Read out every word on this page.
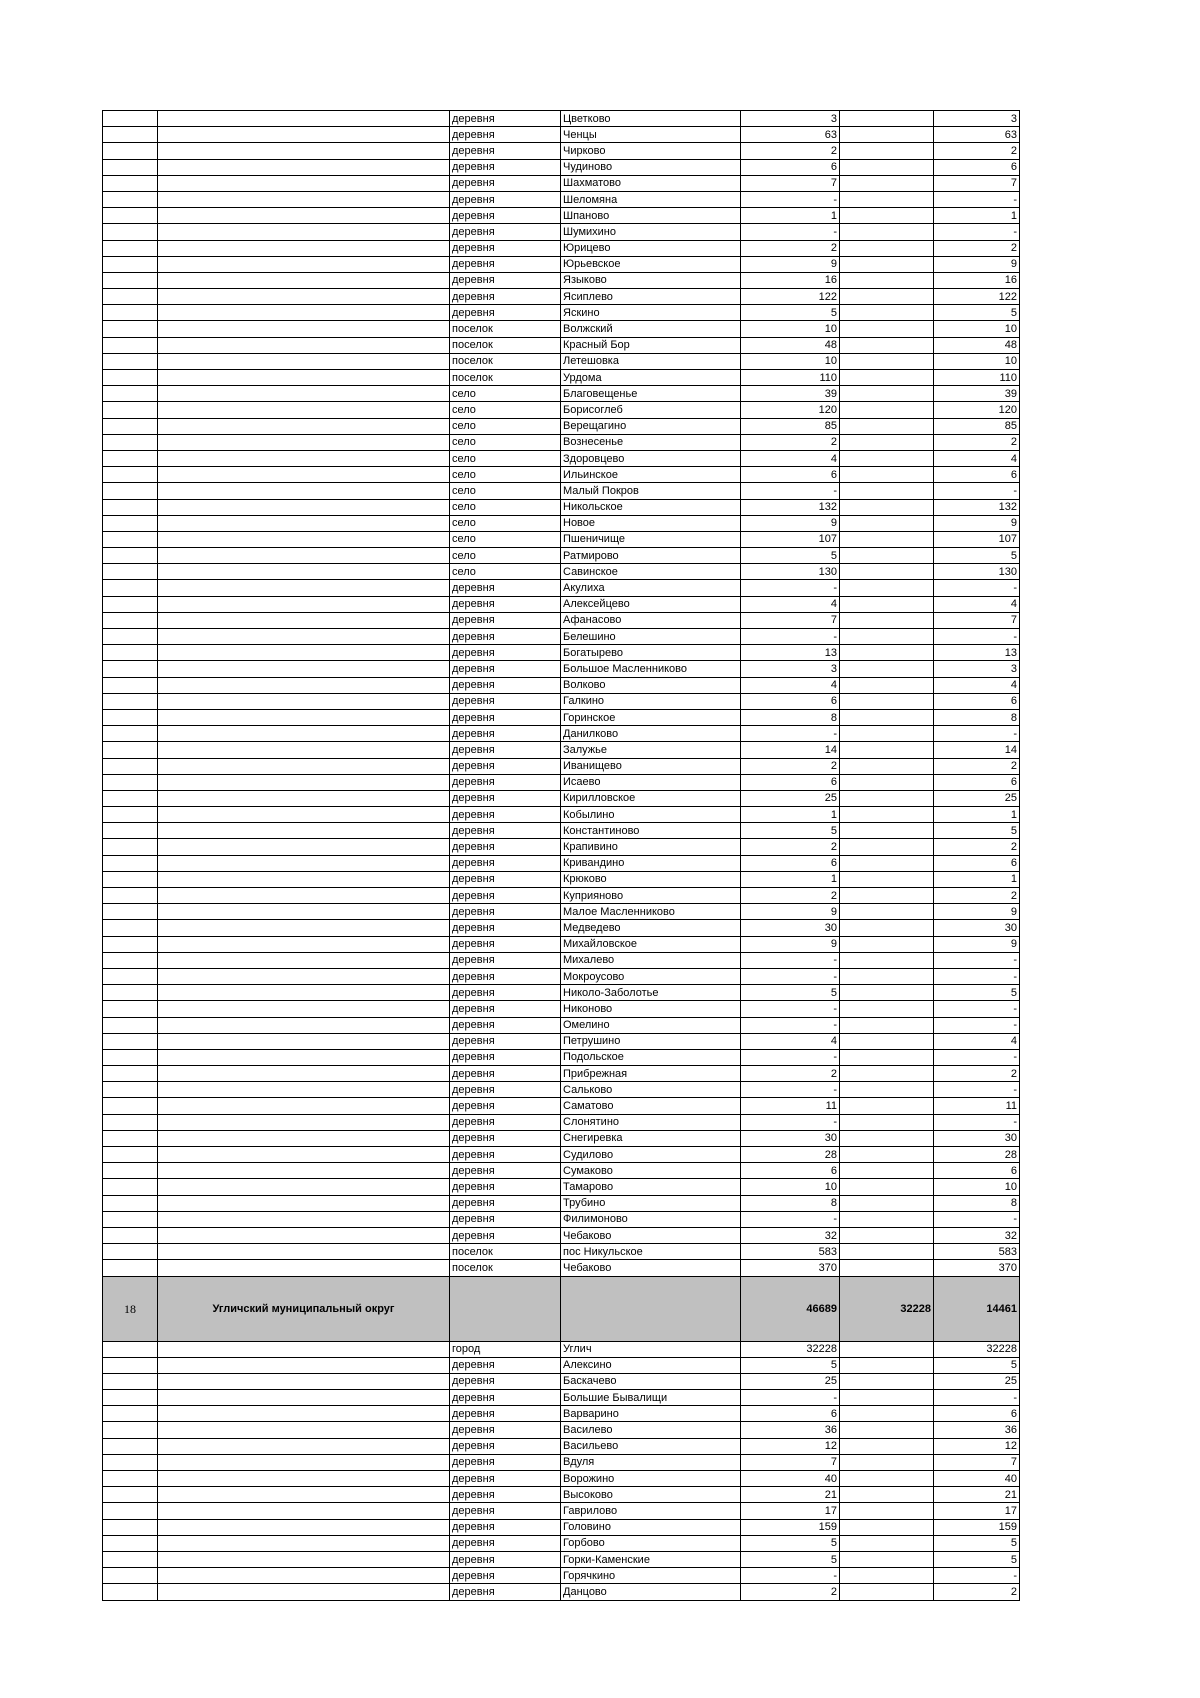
		деревня	Цветково	3		3
		деревня	Ченцы	63		63
		деревня	Чирково	2		2
		деревня	Чудиново	6		6
		деревня	Шахматово	7		7
		деревня	Шеломяна	-		-
		деревня	Шпаново	1		1
		деревня	Шумихино	-		-
		деревня	Юрицево	2		2
		деревня	Юрьевское	9		9
		деревня	Языково	16		16
		деревня	Ясиплево	122		122
		деревня	Яскино	5		5
		поселок	Волжский	10		10
		поселок	Красный Бор	48		48
		поселок	Летешовка	10		10
		поселок	Урдома	110		110
		село	Благовещенье	39		39
		село	Борисоглеб	120		120
		село	Верещагино	85		85
		село	Вознесенье	2		2
		село	Здоровцево	4		4
		село	Ильинское	6		6
		село	Малый Покров	-		-
		село	Никольское	132		132
		село	Новое	9		9
		село	Пшеничище	107		107
		село	Ратмирово	5		5
		село	Савинское	130		130
		деревня	Акулиха	-		-
		деревня	Алексейцево	4		4
		деревня	Афанасово	7		7
		деревня	Белешино	-		-
		деревня	Богатырево	13		13
		деревня	Большое Масленниково	3		3
		деревня	Волково	4		4
		деревня	Галкино	6		6
		деревня	Горинское	8		8
		деревня	Данилково	-		-
		деревня	Залужье	14		14
		деревня	Иванищево	2		2
		деревня	Исаево	6		6
		деревня	Кирилловское	25		25
		деревня	Кобылино	1		1
		деревня	Константиново	5		5
		деревня	Крапивино	2		2
		деревня	Кривандино	6		6
		деревня	Крюково	1		1
		деревня	Куприяново	2		2
		деревня	Малое Масленниково	9		9
		деревня	Медведево	30		30
		деревня	Михайловское	9		9
		деревня	Михалево	-		-
		деревня	Мокроусово	-		-
		деревня	Николо-Заболотье	5		5
		деревня	Никоново	-		-
		деревня	Омелино	-		-
		деревня	Петрушино	4		4
		деревня	Подольское	-		-
		деревня	Прибрежная	2		2
		деревня	Сальково	-		-
		деревня	Саматово	11		11
		деревня	Слонятино	-		-
		деревня	Снегиревка	30		30
		деревня	Судилово	28		28
		деревня	Сумаково	6		6
		деревня	Тамарово	10		10
		деревня	Трубино	8		8
		деревня	Филимоново	-		-
		деревня	Чебаково	32		32
		поселок	пос Никульское	583		583
		поселок	Чебаково	370		370
18	Угличский муниципальный округ			46689	32228	14461
		город	Углич	32228		32228
		деревня	Алексино	5		5
		деревня	Баскачево	25		25
		деревня	Большие Бывалищи	-		-
		деревня	Варварино	6		6
		деревня	Василево	36		36
		деревня	Васильево	12		12
		деревня	Вдуля	7		7
		деревня	Ворожино	40		40
		деревня	Высоково	21		21
		деревня	Гаврилово	17		17
		деревня	Головино	159		159
		деревня	Горбово	5		5
		деревня	Горки-Каменские	5		5
		деревня	Горячкино	-		-
		деревня	Данцово	2		2
